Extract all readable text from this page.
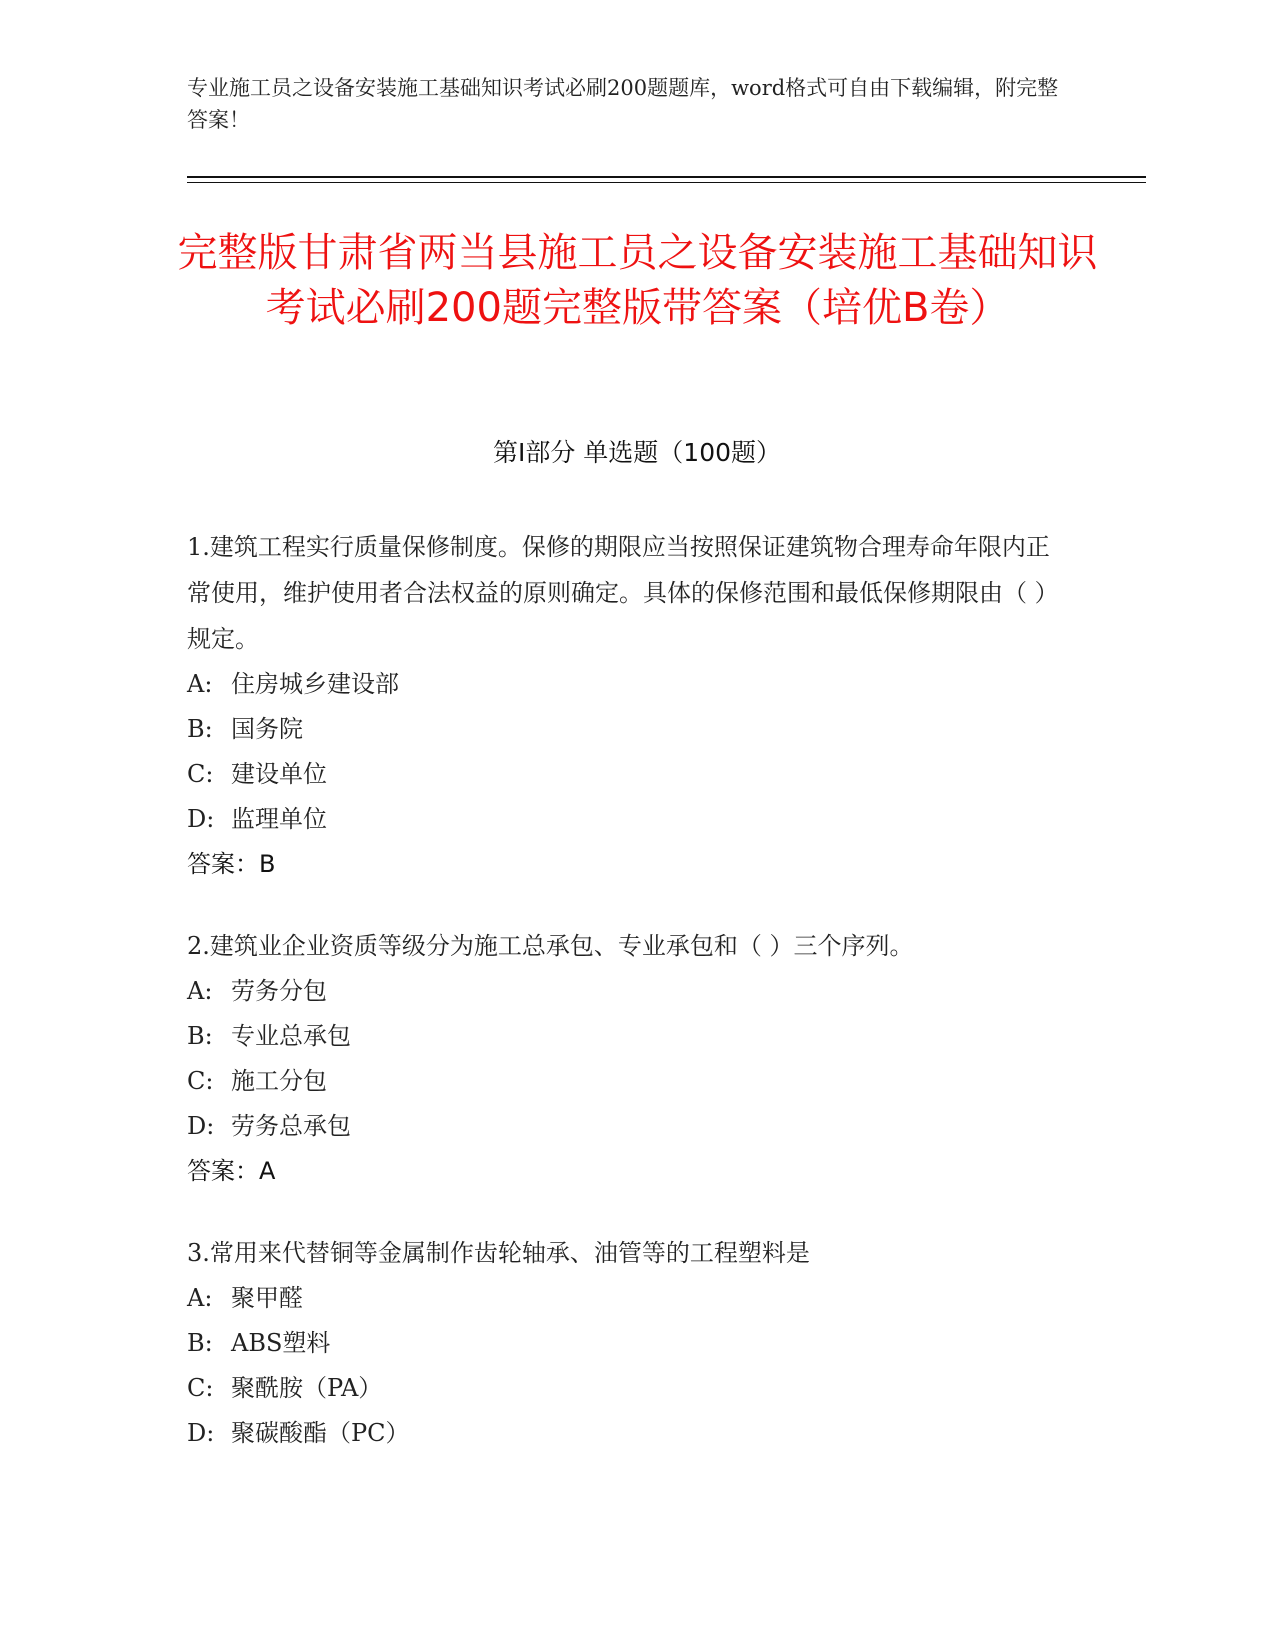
专业施工员之设备安装施工基础知识考试必刷200题题库，word格式可自由下载编辑，附完整答案！
完整版甘肃省两当县施工员之设备安装施工基础知识考试必刷200题完整版带答案（培优B卷）
第Ⅰ部分 单选题（100题）

1.建筑工程实行质量保修制度。保修的期限应当按照保证建筑物合理寿命年限内正常使用，维护使用者合法权益的原则确定。具体的保修范围和最低保修期限由（ ）规定。

A: 住房城乡建设部

B: 国务院

C: 建设单位

D: 监理单位

答案：B

2.建筑业企业资质等级分为施工总承包、专业承包和（ ）三个序列。

A: 劳务分包

B: 专业总承包

C: 施工分包

D: 劳务总承包

答案：A

3.常用来代替铜等金属制作齿轮轴承、油管等的工程塑料是

A: 聚甲醛

B: ABS塑料

C: 聚酰胺（PA）

D: 聚碳酸酯（PC）
